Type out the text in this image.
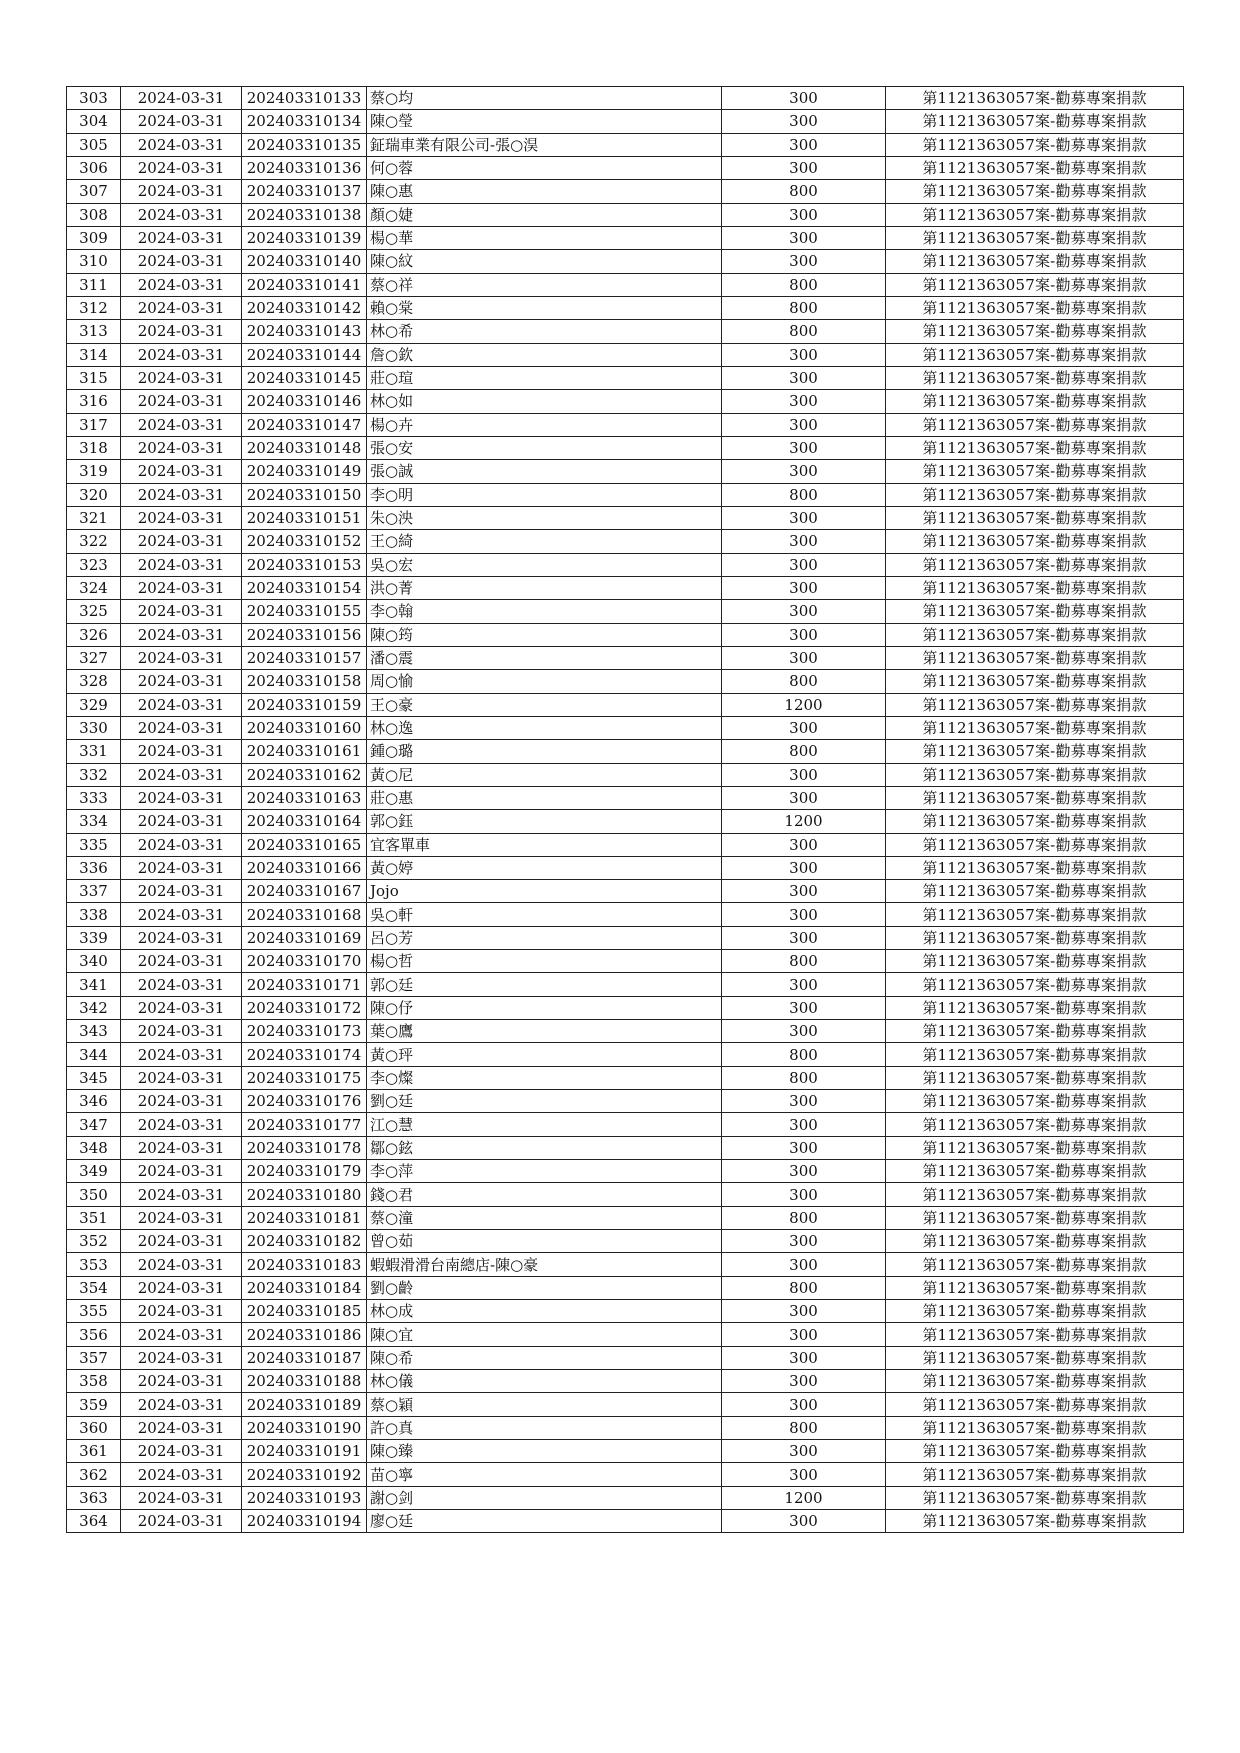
303	2024-03-31	202403310133	蔡○均	300	第1121363057案-勸募專案捐款
304	2024-03-31	202403310134	陳○瑩	300	第1121363057案-勸募專案捐款
305	2024-03-31	202403310135	鉦瑞車業有限公司-張○淏	300	第1121363057案-勸募專案捐款
306	2024-03-31	202403310136	何○蓉	300	第1121363057案-勸募專案捐款
307	2024-03-31	202403310137	陳○惠	800	第1121363057案-勸募專案捐款
308	2024-03-31	202403310138	顏○婕	300	第1121363057案-勸募專案捐款
309	2024-03-31	202403310139	楊○華	300	第1121363057案-勸募專案捐款
310	2024-03-31	202403310140	陳○紋	300	第1121363057案-勸募專案捐款
311	2024-03-31	202403310141	蔡○祥	800	第1121363057案-勸募專案捐款
312	2024-03-31	202403310142	賴○棠	800	第1121363057案-勸募專案捐款
313	2024-03-31	202403310143	林○希	800	第1121363057案-勸募專案捐款
314	2024-03-31	202403310144	詹○欽	300	第1121363057案-勸募專案捐款
315	2024-03-31	202403310145	莊○瑄	300	第1121363057案-勸募專案捐款
316	2024-03-31	202403310146	林○如	300	第1121363057案-勸募專案捐款
317	2024-03-31	202403310147	楊○卉	300	第1121363057案-勸募專案捐款
318	2024-03-31	202403310148	張○安	300	第1121363057案-勸募專案捐款
319	2024-03-31	202403310149	張○誠	300	第1121363057案-勸募專案捐款
320	2024-03-31	202403310150	李○明	800	第1121363057案-勸募專案捐款
321	2024-03-31	202403310151	朱○泱	300	第1121363057案-勸募專案捐款
322	2024-03-31	202403310152	王○綺	300	第1121363057案-勸募專案捐款
323	2024-03-31	202403310153	吳○宏	300	第1121363057案-勸募專案捐款
324	2024-03-31	202403310154	洪○菁	300	第1121363057案-勸募專案捐款
325	2024-03-31	202403310155	李○翰	300	第1121363057案-勸募專案捐款
326	2024-03-31	202403310156	陳○筠	300	第1121363057案-勸募專案捐款
327	2024-03-31	202403310157	潘○震	300	第1121363057案-勸募專案捐款
328	2024-03-31	202403310158	周○愉	800	第1121363057案-勸募專案捐款
329	2024-03-31	202403310159	王○豪	1200	第1121363057案-勸募專案捐款
330	2024-03-31	202403310160	林○逸	300	第1121363057案-勸募專案捐款
331	2024-03-31	202403310161	鍾○璐	800	第1121363057案-勸募專案捐款
332	2024-03-31	202403310162	黃○尼	300	第1121363057案-勸募專案捐款
333	2024-03-31	202403310163	莊○惠	300	第1121363057案-勸募專案捐款
334	2024-03-31	202403310164	郭○鈺	1200	第1121363057案-勸募專案捐款
335	2024-03-31	202403310165	宜客單車	300	第1121363057案-勸募專案捐款
336	2024-03-31	202403310166	黃○婷	300	第1121363057案-勸募專案捐款
337	2024-03-31	202403310167	Jojo	300	第1121363057案-勸募專案捐款
338	2024-03-31	202403310168	吳○軒	300	第1121363057案-勸募專案捐款
339	2024-03-31	202403310169	呂○芳	300	第1121363057案-勸募專案捐款
340	2024-03-31	202403310170	楊○哲	800	第1121363057案-勸募專案捐款
341	2024-03-31	202403310171	郭○廷	300	第1121363057案-勸募專案捐款
342	2024-03-31	202403310172	陳○伃	300	第1121363057案-勸募專案捐款
343	2024-03-31	202403310173	葉○鷹	300	第1121363057案-勸募專案捐款
344	2024-03-31	202403310174	黃○玶	800	第1121363057案-勸募專案捐款
345	2024-03-31	202403310175	李○燦	800	第1121363057案-勸募專案捐款
346	2024-03-31	202403310176	劉○廷	300	第1121363057案-勸募專案捐款
347	2024-03-31	202403310177	江○慧	300	第1121363057案-勸募專案捐款
348	2024-03-31	202403310178	鄒○鉉	300	第1121363057案-勸募專案捐款
349	2024-03-31	202403310179	李○萍	300	第1121363057案-勸募專案捐款
350	2024-03-31	202403310180	錢○君	300	第1121363057案-勸募專案捐款
351	2024-03-31	202403310181	蔡○潼	800	第1121363057案-勸募專案捐款
352	2024-03-31	202403310182	曾○茹	300	第1121363057案-勸募專案捐款
353	2024-03-31	202403310183	蝦蝦滑滑台南總店-陳○豪	300	第1121363057案-勸募專案捐款
354	2024-03-31	202403310184	劉○齡	800	第1121363057案-勸募專案捐款
355	2024-03-31	202403310185	林○成	300	第1121363057案-勸募專案捐款
356	2024-03-31	202403310186	陳○宜	300	第1121363057案-勸募專案捐款
357	2024-03-31	202403310187	陳○希	300	第1121363057案-勸募專案捐款
358	2024-03-31	202403310188	林○儀	300	第1121363057案-勸募專案捐款
359	2024-03-31	202403310189	蔡○穎	300	第1121363057案-勸募專案捐款
360	2024-03-31	202403310190	許○真	800	第1121363057案-勸募專案捐款
361	2024-03-31	202403310191	陳○臻	300	第1121363057案-勸募專案捐款
362	2024-03-31	202403310192	苗○寧	300	第1121363057案-勸募專案捐款
363	2024-03-31	202403310193	謝○剑	1200	第1121363057案-勸募專案捐款
364	2024-03-31	202403310194	廖○廷	300	第1121363057案-勸募專案捐款
